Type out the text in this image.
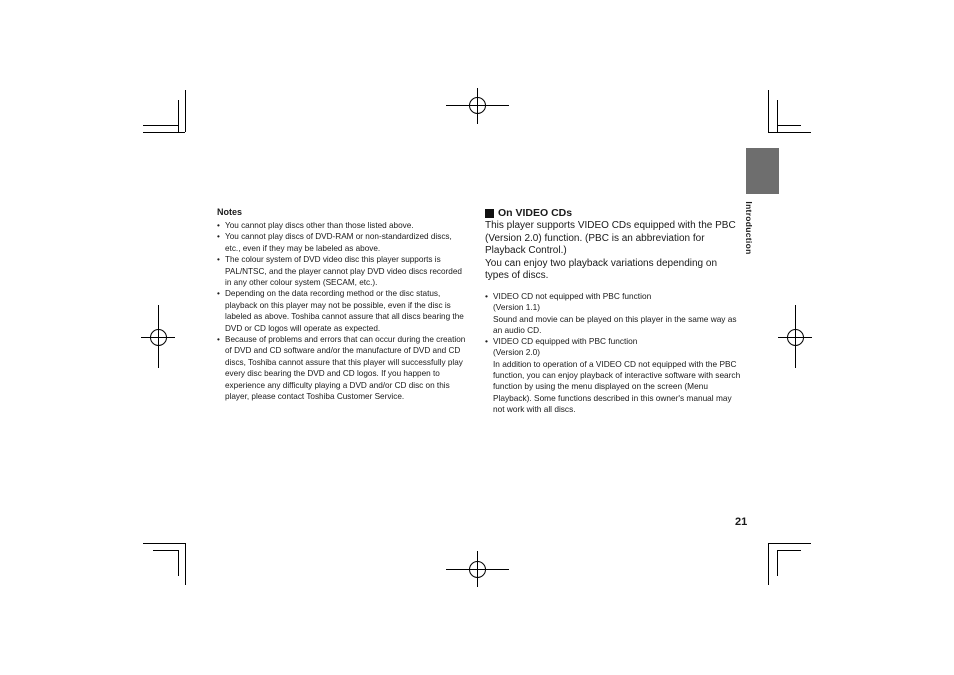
Introduction
Notes
• You cannot play discs other than those listed above.
• You cannot play discs of DVD-RAM or non-standardized discs, etc., even if they may be labeled as above.
• The colour system of DVD video disc this player supports is PAL/NTSC, and the player cannot play DVD video discs recorded in any other colour system (SECAM, etc.).
• Depending on the data recording method or the disc status, playback on this player may not be possible, even if the disc is labeled as above. Toshiba cannot assure that all discs bearing the DVD or CD logos will operate as expected.
• Because of problems and errors that can occur during the creation of DVD and CD software and/or the manufacture of DVD and CD discs, Toshiba cannot assure that this player will successfully play every disc bearing the DVD and CD logos. If you happen to experience any difficulty playing a DVD and/or CD disc on this player, please contact Toshiba Customer Service.
On VIDEO CDs

This player supports VIDEO CDs equipped with the PBC (Version 2.0) function. (PBC is an abbreviation for Playback Control.)

You can enjoy two playback variations depending on types of discs.

• VIDEO CD not equipped with PBC function

(Version 1.1)

Sound and movie can be played on this player in the same way as an audio CD.

• VIDEO CD equipped with PBC function

(Version 2.0)

In addition to operation of a VIDEO CD not equipped with the PBC function, you can enjoy playback of interactive software with search function by using the menu displayed on the screen (Menu Playback). Some functions described in this owner's manual may not work with all discs.

21
